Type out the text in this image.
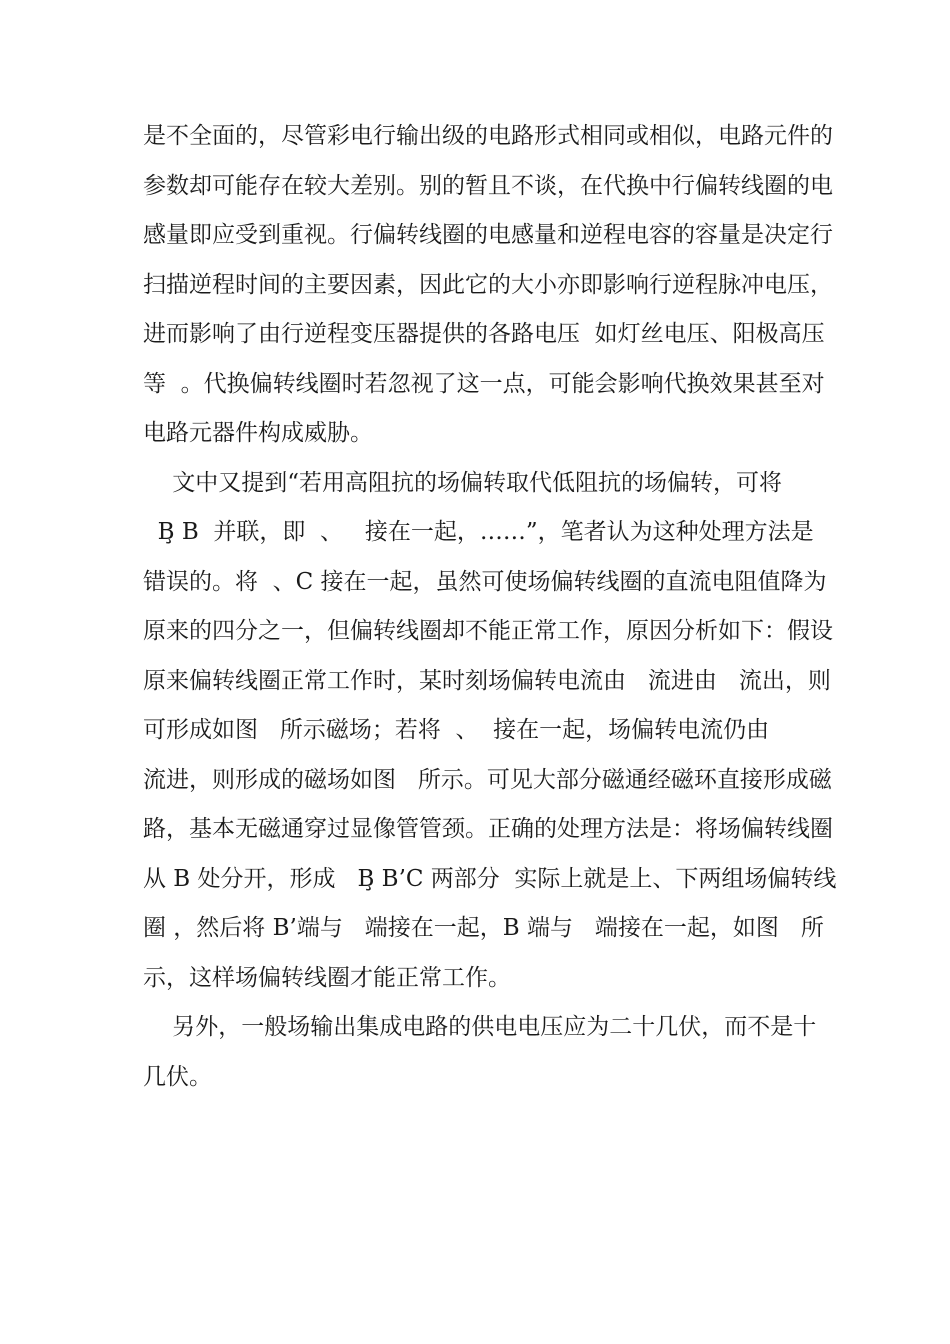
是不全面的，尽管彩电行输出级的电路形式相同或相似，电路元件的
参数却可能存在较大差别。别的暂且不谈，在代换中行偏转线圈的电
感量即应受到重视。行偏转线圈的电感量和逆程电容的容量是决定行
扫描逆程时间的主要因素，因此它的大小亦即影响行逆程脉冲电压，
进而影响了由行逆程变压器提供的各路电压  如灯丝电压、阳极高压
等  。代换偏转线圈时若忽视了这一点，可能会影响代换效果甚至对
电路元器件构成威胁。
文中又提到“若用高阻抗的场偏转取代低阻抗的场偏转，可将
B̧ B  并联，即  、   接在一起，……”，笔者认为这种处理方法是
错误的。将  、C 接在一起，虽然可使场偏转线圈的直流电阻值降为
原来的四分之一，但偏转线圈却不能正常工作，原因分析如下：假设
原来偏转线圈正常工作时，某时刻场偏转电流由   流进由   流出，则
可形成如图   所示磁场；若将  、  接在一起，场偏转电流仍由
流进，则形成的磁场如图   所示。可见大部分磁通经磁环直接形成磁
路，基本无磁通穿过显像管管颈。正确的处理方法是：将场偏转线圈
从 B 处分开，形成   B̧ B’C 两部分  实际上就是上、下两组场偏转线
圈 ，然后将 B’端与   端接在一起，B 端与   端接在一起，如图   所
示，这样场偏转线圈才能正常工作。
另外，一般场输出集成电路的供电电压应为二十几伏，而不是十
几伏。
